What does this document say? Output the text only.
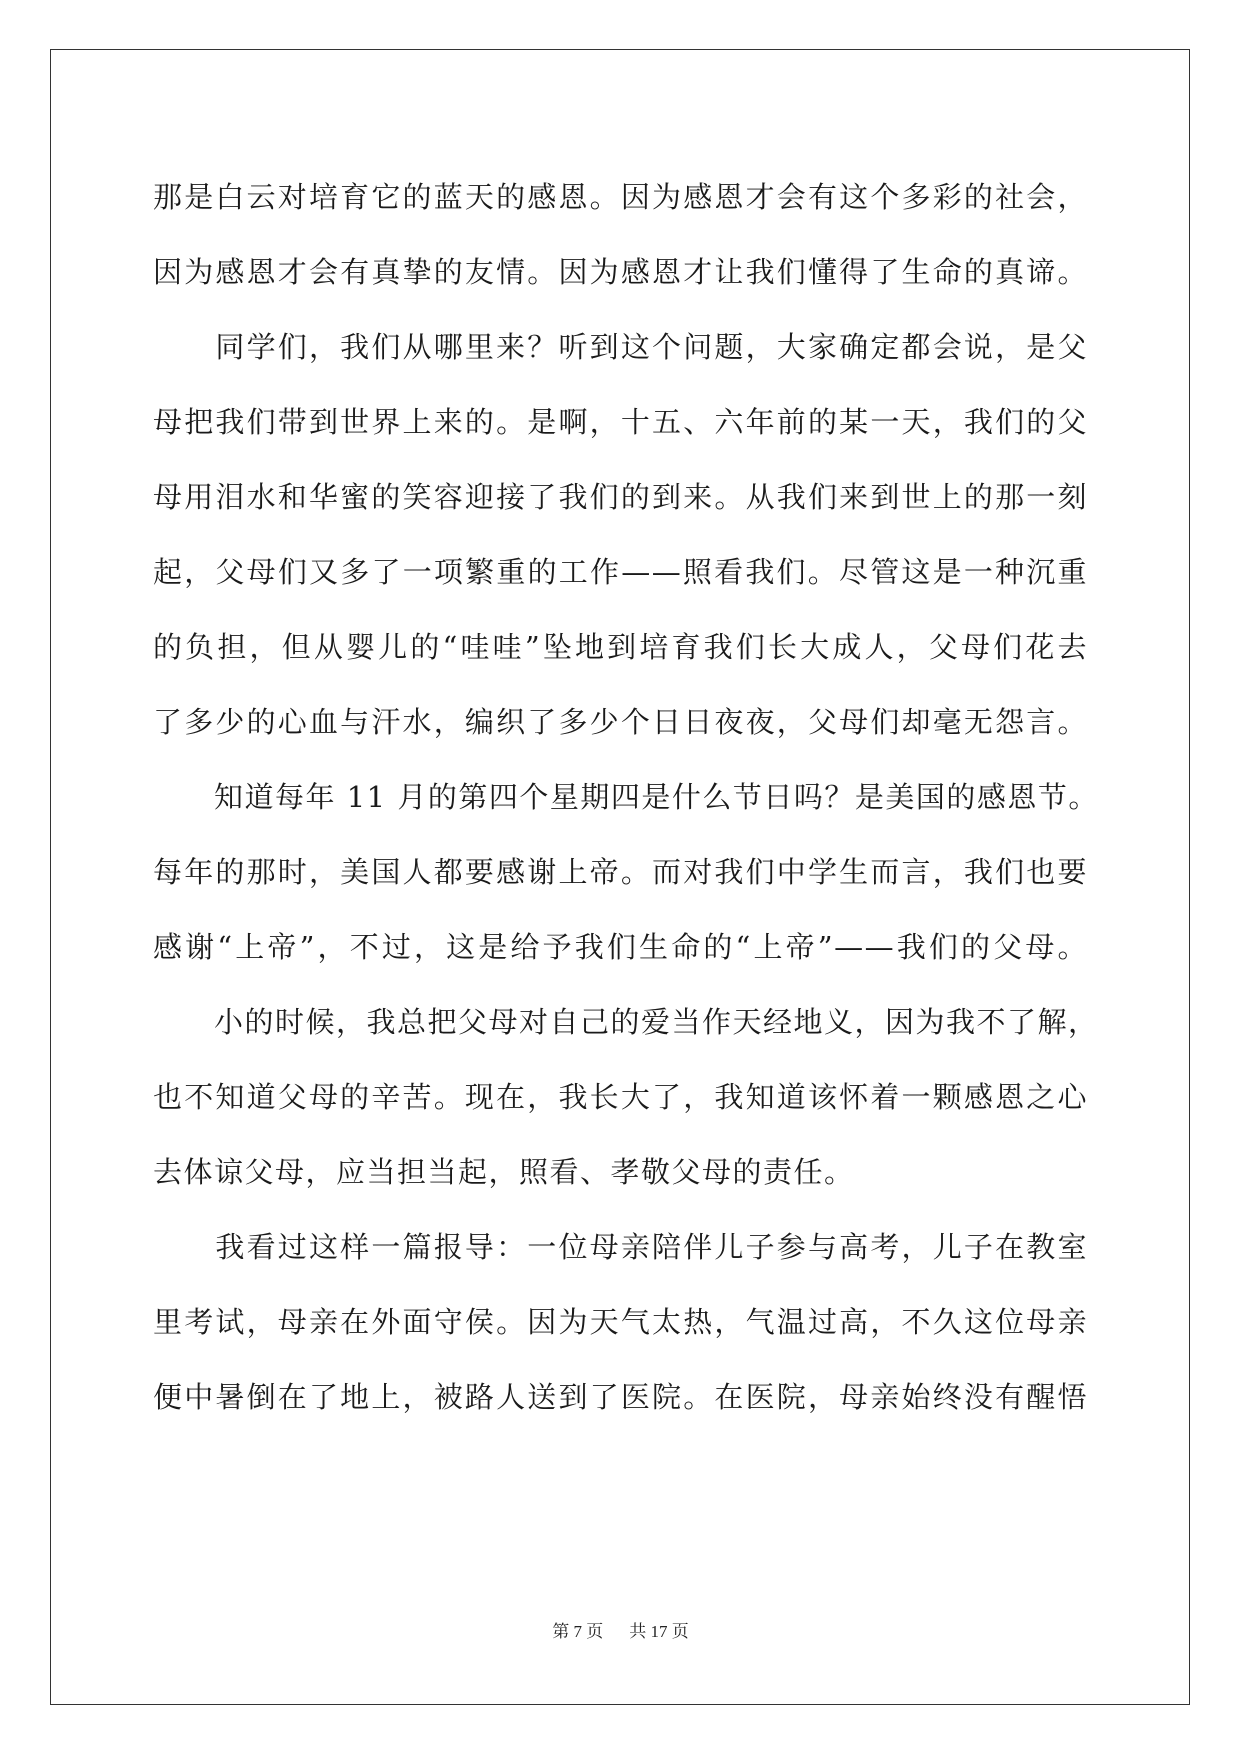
那是白云对培育它的蓝天的感恩。因为感恩才会有这个多彩的社会，
因为感恩才会有真挚的友情。因为感恩才让我们懂得了生命的真谛。
　　同学们，我们从哪里来？听到这个问题，大家确定都会说，是父
母把我们带到世界上来的。是啊，十五、六年前的某一天，我们的父
母用泪水和华蜜的笑容迎接了我们的到来。从我们来到世上的那一刻
起，父母们又多了一项繁重的工作——照看我们。尽管这是一种沉重
的负担，但从婴儿的“哇哇”坠地到培育我们长大成人，父母们花去
了多少的心血与汗水，编织了多少个日日夜夜，父母们却毫无怨言。
　　知道每年 11 月的第四个星期四是什么节日吗？是美国的感恩节。
每年的那时，美国人都要感谢上帝。而对我们中学生而言，我们也要
感谢“上帝”，不过，这是给予我们生命的“上帝”——我们的父母。
　　小的时候，我总把父母对自己的爱当作天经地义，因为我不了解，
也不知道父母的辛苦。现在，我长大了，我知道该怀着一颗感恩之心
去体谅父母，应当担当起，照看、孝敬父母的责任。
　　我看过这样一篇报导：一位母亲陪伴儿子参与高考，儿子在教室
里考试，母亲在外面守侯。因为天气太热，气温过高，不久这位母亲
便中暑倒在了地上，被路人送到了医院。在医院，母亲始终没有醒悟
第 7 页 共 17 页
